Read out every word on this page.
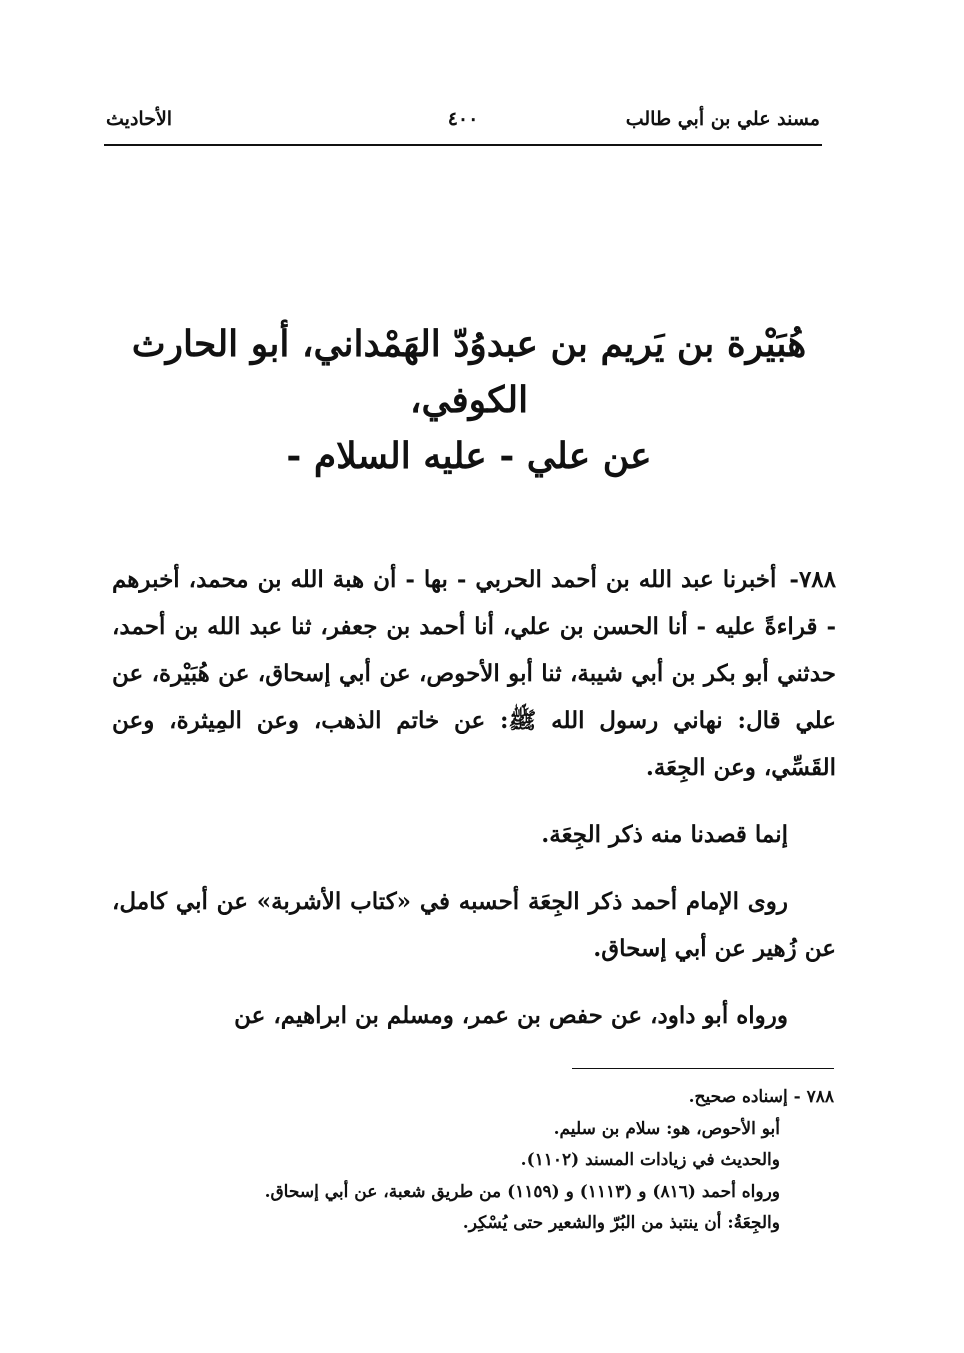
مسند علي بن أبي طالب
٤٠٠
الأحاديث
هُبَيْرة بن يَريم بن عبدوُدّ الهَمْداني، أبو الحارث
الكوفي،
عن علي - عليه السلام -

٧٨٨- أخبرنا عبد الله بن أحمد الحربي - بها - أن هبة الله بن محمد، أخبرهم - قراءةً عليه - أنا الحسن بن علي، أنا أحمد بن جعفر، ثنا عبد الله بن أحمد، حدثني أبو بكر بن أبي شيبة، ثنا أبو الأحوص، عن أبي إسحاق، عن هُبَيْرة، عن علي قال: نهاني رسول الله ﷺ: عن خاتم الذهب، وعن المِيثرة، وعن القَسِّي، وعن الجِعَة.

إنما قصدنا منه ذكر الجِعَة.

روى الإمام أحمد ذكر الجِعَة أحسبه في «كتاب الأشربة» عن أبي كامل، عن زُهير عن أبي إسحاق.

ورواه أبو داود، عن حفص بن عمر، ومسلم بن ابراهيم، عن

٧٨٨ - إسناده صحيح.

أبو الأحوص، هو: سلام بن سليم.

والحديث في زيادات المسند (١١٠٢).

ورواه أحمد (٨١٦) و (١١١٣) و (١١٥٩) من طريق شعبة، عن أبي إسحاق.

والجِعَةُ: أن ينتبذ من البُرّ والشعير حتى يُسْكِر.
